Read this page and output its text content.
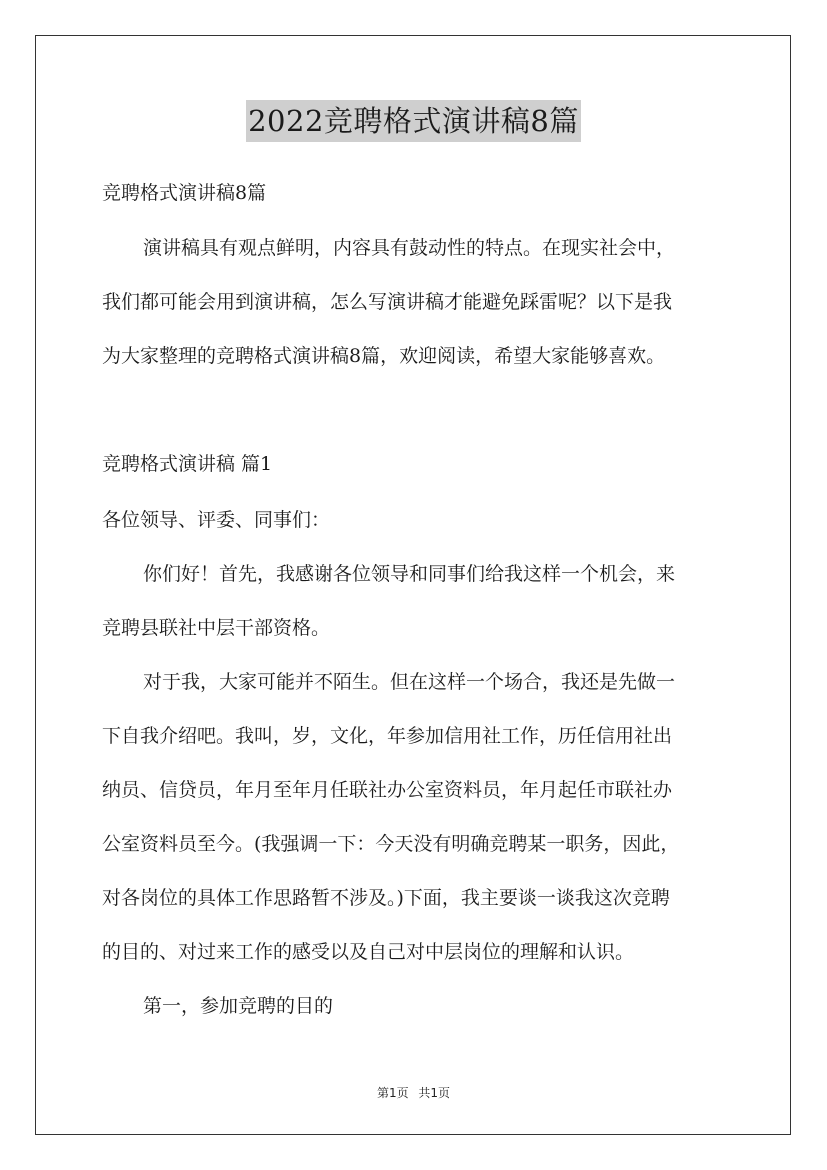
2022竞聘格式演讲稿8篇
竞聘格式演讲稿8篇
演讲稿具有观点鲜明，内容具有鼓动性的特点。在现实社会中，
我们都可能会用到演讲稿，怎么写演讲稿才能避免踩雷呢？以下是我
为大家整理的竞聘格式演讲稿8篇，欢迎阅读，希望大家能够喜欢。
竞聘格式演讲稿 篇1
各位领导、评委、同事们：
你们好！首先，我感谢各位领导和同事们给我这样一个机会，来
竞聘县联社中层干部资格。
对于我，大家可能并不陌生。但在这样一个场合，我还是先做一
下自我介绍吧。我叫，岁，文化，年参加信用社工作，历任信用社出
纳员、信贷员，年月至年月任联社办公室资料员，年月起任市联社办
公室资料员至今。(我强调一下：今天没有明确竞聘某一职务，因此，
对各岗位的具体工作思路暂不涉及。)下面，我主要谈一谈我这次竞聘
的目的、对过来工作的感受以及自己对中层岗位的理解和认识。
第一，参加竞聘的目的
第1页 共1页
